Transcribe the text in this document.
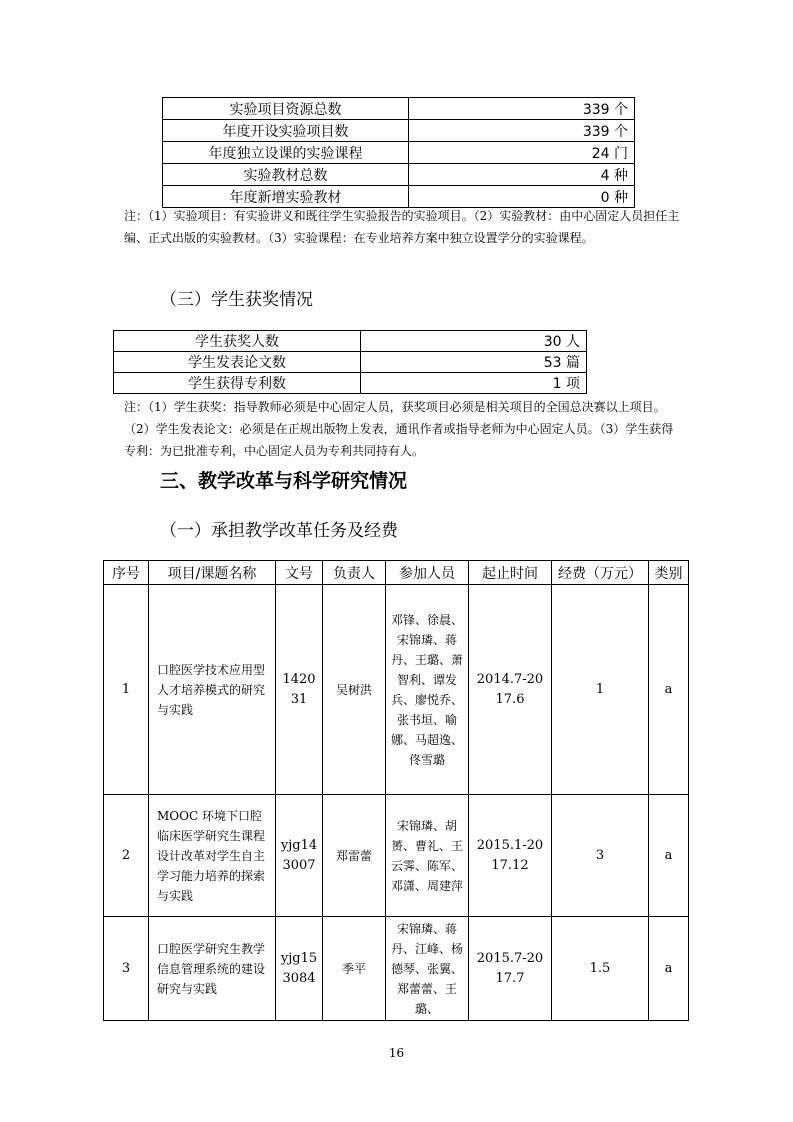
实验项目资源总数	339 个
年度开设实验项目数	339 个
年度独立设课的实验课程	24 门
实验教材总数	4 种
年度新增实验教材	0 种
注：（1）实验项目：有实验讲义和既往学生实验报告的实验项目。（2）实验教材：由中心固定人员担任主编、正式出版的实验教材。（3）实验课程：在专业培养方案中独立设置学分的实验课程。
（三）学生获奖情况
学生获奖人数	30 人
学生发表论文数	53 篇
学生获得专利数	1 项
注：（1）学生获奖：指导教师必须是中心固定人员，获奖项目必须是相关项目的全国总决赛以上项目。（2）学生发表论文：必须是在正规出版物上发表，通讯作者或指导老师为中心固定人员。（3）学生获得专利：为已批准专利，中心固定人员为专利共同持有人。
三、教学改革与科学研究情况
（一）承担教学改革任务及经费
序号	项目/课题名称	文号	负责人	参加人员	起止时间	经费（万元）	类别
1	口腔医学技术应用型人才培养模式的研究与实践	142031	吴树洪	邓锋、徐晨、宋锦璘、蒋丹、王璐、萧智利、谭发兵、廖悦乔、张书垣、喻娜、马超逸、佟雪璐	2014.7-2017.6	1	a
2	MOOC 环境下口腔临床医学研究生课程设计改革对学生自主学习能力培养的探索与实践	yjg143007	郑雷蕾	宋锦璘、胡赟、曹礼、王云霁、陈军、邓潇、周建萍	2015.1-2017.12	3	a
3	口腔医学研究生教学信息管理系统的建设研究与实践	yjg153084	季平	宋锦璘、蒋丹、江峰、杨德琴、张翼、郑蕾蕾、王璐、	2015.7-2017.7	1.5	a
16
